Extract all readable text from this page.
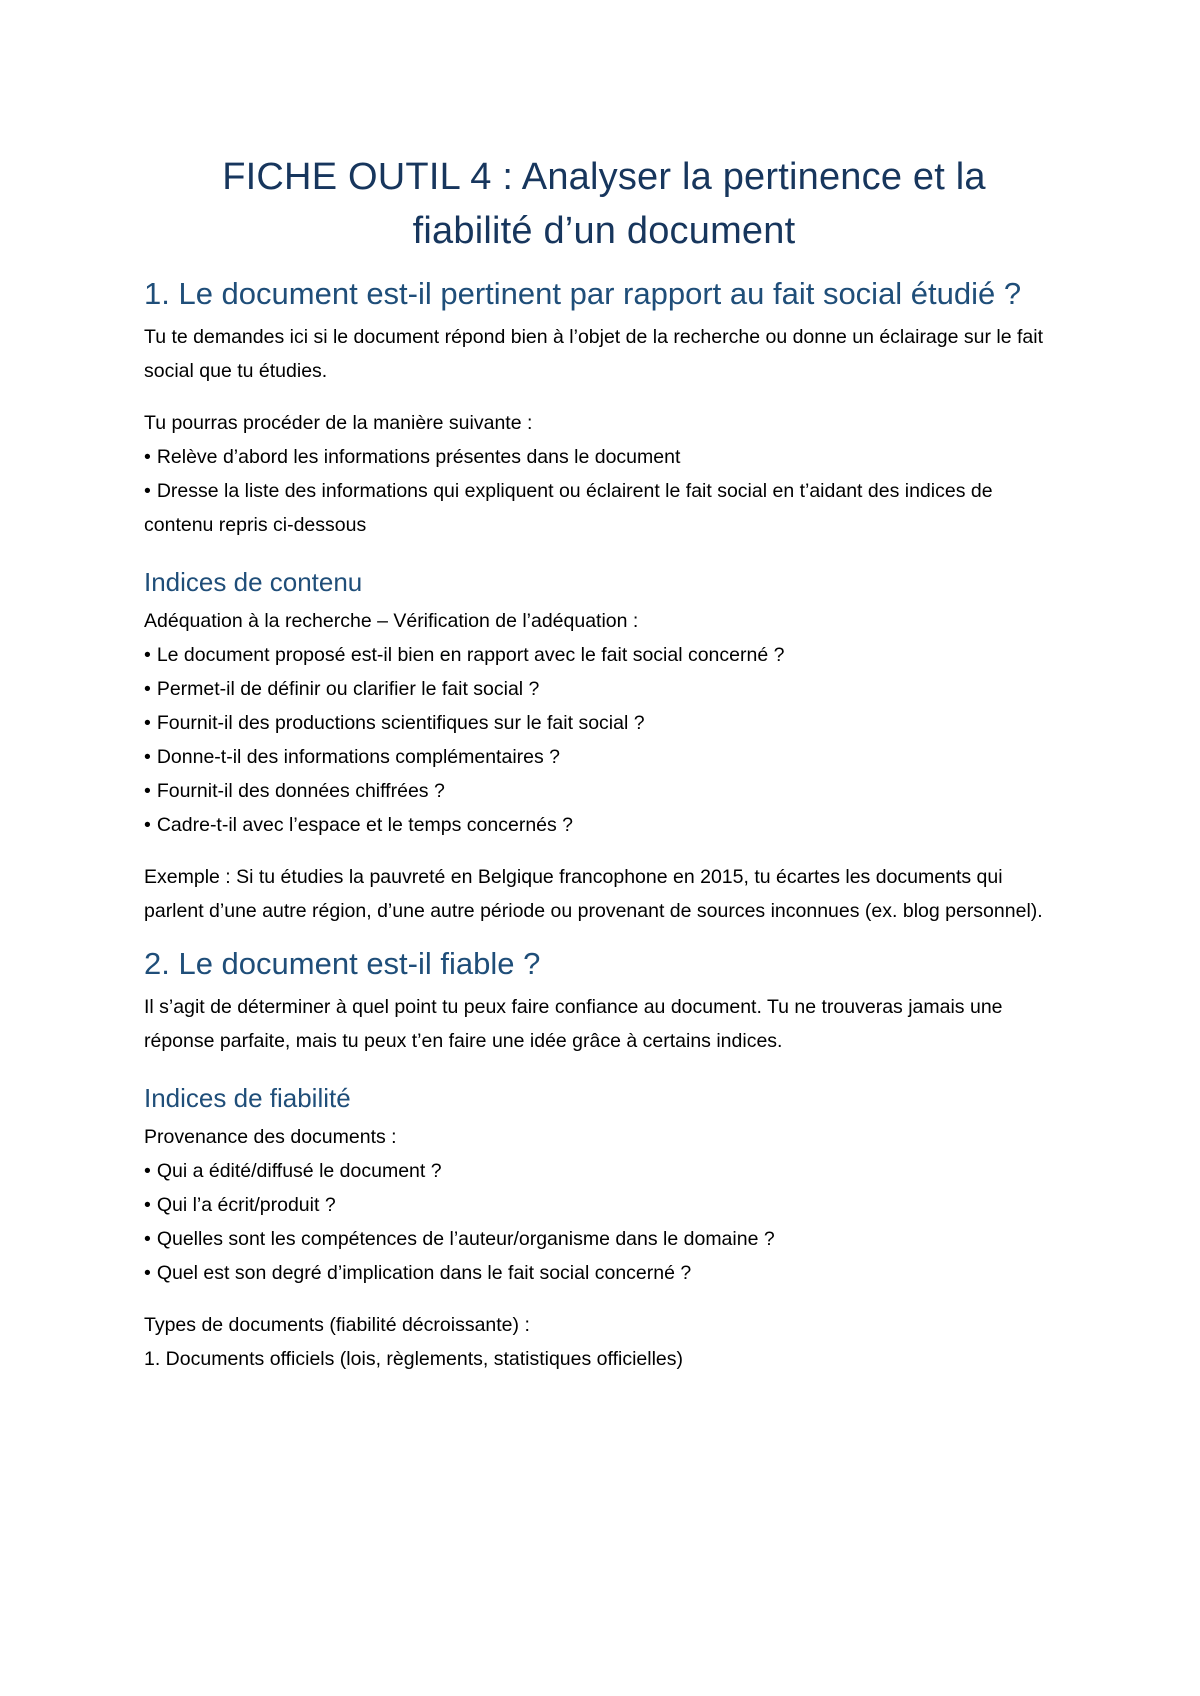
FICHE OUTIL 4 : Analyser la pertinence et la
fiabilité d’un document
1. Le document est-il pertinent par rapport au fait social étudié ?

Tu te demandes ici si le document répond bien à l’objet de la recherche ou donne un éclairage sur le fait social que tu étudies.

Tu pourras procéder de la manière suivante :

• Relève d’abord les informations présentes dans le document
• Dresse la liste des informations qui expliquent ou éclairent le fait social en t’aidant des indices de contenu repris ci-dessous
Indices de contenu

Adéquation à la recherche – Vérification de l’adéquation :

• Le document proposé est-il bien en rapport avec le fait social concerné ?
• Permet-il de définir ou clarifier le fait social ?
• Fournit-il des productions scientifiques sur le fait social ?
• Donne-t-il des informations complémentaires ?
• Fournit-il des données chiffrées ?
• Cadre-t-il avec l’espace et le temps concernés ?

Exemple : Si tu étudies la pauvreté en Belgique francophone en 2015, tu écartes les documents qui parlent d’une autre région, d’une autre période ou provenant de sources inconnues (ex. blog personnel).

2. Le document est-il fiable ?

Il s’agit de déterminer à quel point tu peux faire confiance au document. Tu ne trouveras jamais une réponse parfaite, mais tu peux t’en faire une idée grâce à certains indices.

Indices de fiabilité

Provenance des documents :

• Qui a édité/diffusé le document ?
• Qui l’a écrit/produit ?
• Quelles sont les compétences de l’auteur/organisme dans le domaine ?
• Quel est son degré d’implication dans le fait social concerné ?

Types de documents (fiabilité décroissante) :

1. Documents officiels (lois, règlements, statistiques officielles)
